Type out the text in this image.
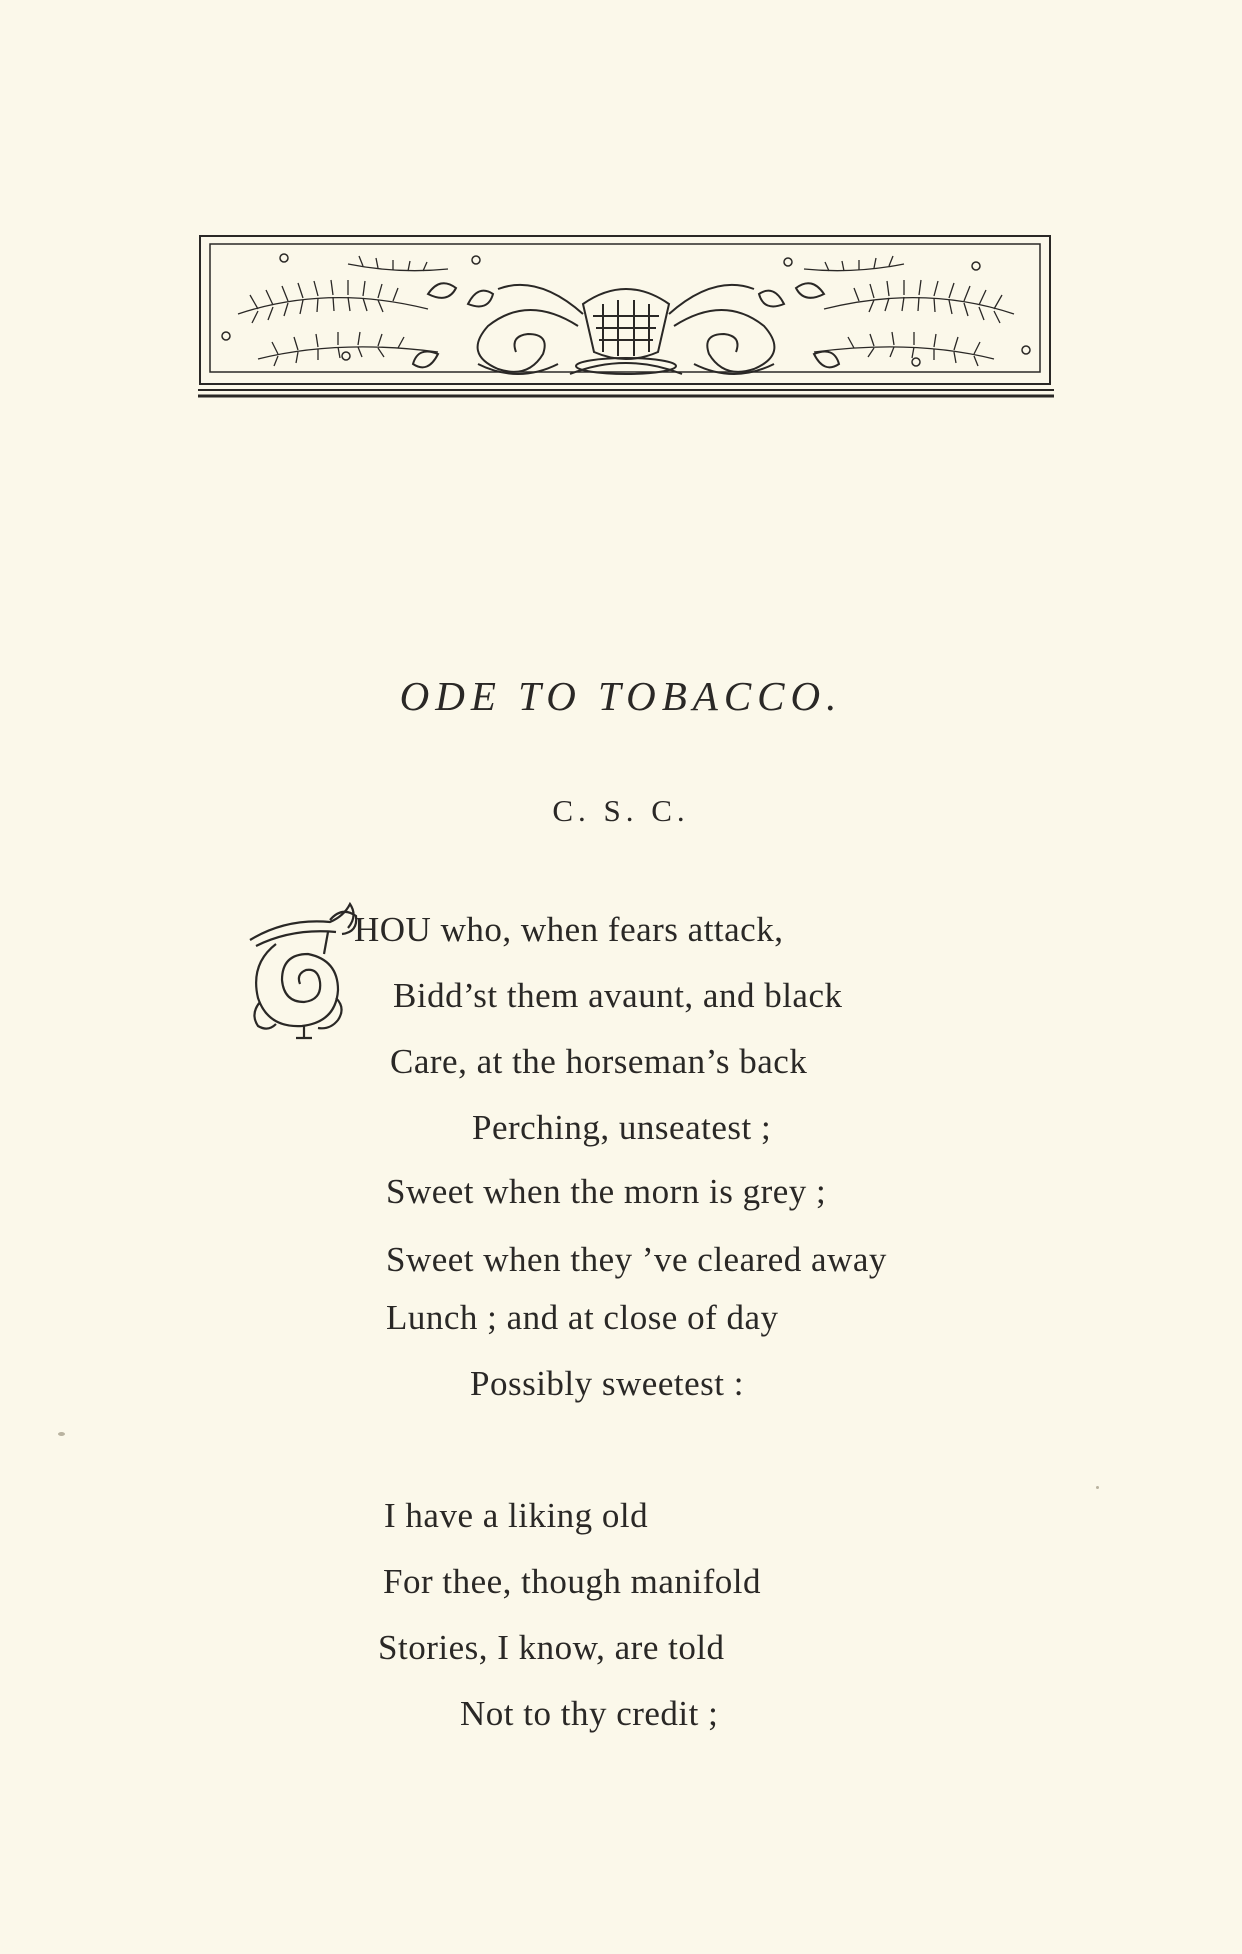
ODE TO TOBACCO.

C. S. C.

T

HOU who, when fears attack,

Bidd’st them avaunt, and black

Care, at the horseman’s back

Perching, unseatest ;

Sweet when the morn is grey ;

Sweet when they ’ve cleared away

Lunch ; and at close of day

Possibly sweetest :

I have a liking old

For thee, though manifold

Stories, I know, are told

Not to thy credit ;
